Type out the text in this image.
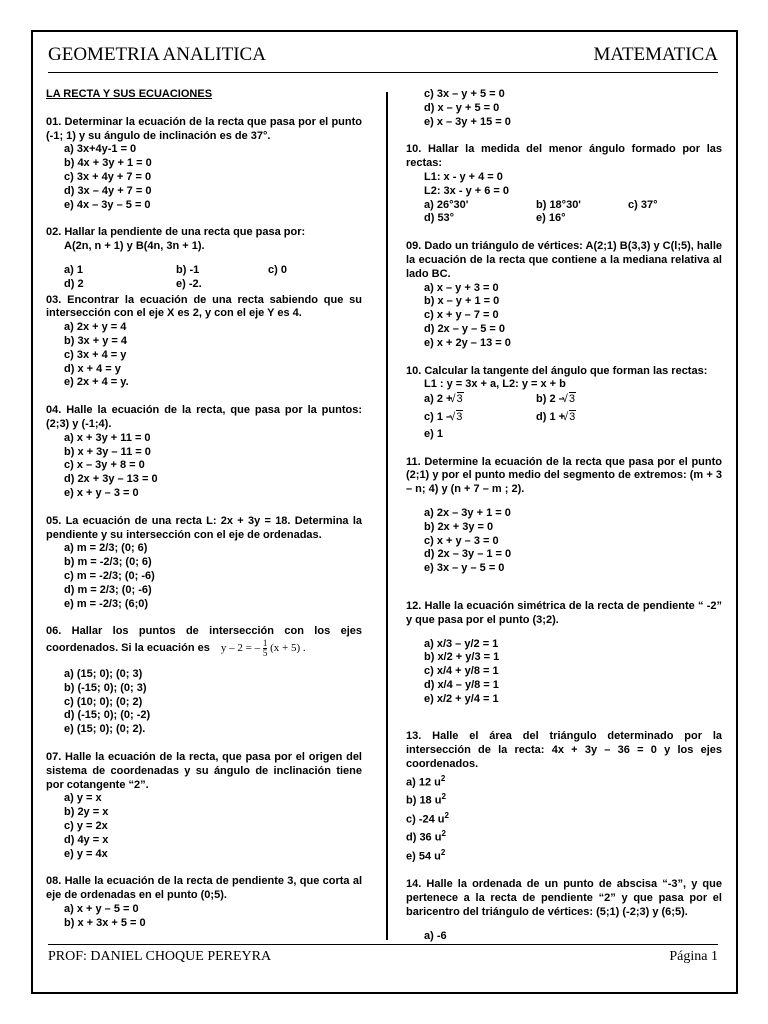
GEOMETRIA ANALITICA	MATEMATICA
LA RECTA Y SUS ECUACIONES
01. Determinar la ecuación de la recta que pasa por el punto (-1; 1) y su ángulo de inclinación es de 37°.
a) 3x+4y-1 = 0
b) 4x + 3y + 1 = 0
c) 3x + 4y + 7 = 0
d) 3x – 4y + 7 = 0
e) 4x – 3y – 5 = 0
02. Hallar la pendiente de una recta que pasa por:
A(2n, n + 1) y B(4n, 3n + 1).
a) 1	b) -1	c) 0
d) 2	e) -2.
03. Encontrar la ecuación de una recta sabiendo que su intersección con el eje X es 2, y con el eje Y es 4.
a) 2x + y = 4
b) 3x + y = 4
c) 3x + 4 = y
d) x + 4 = y
e) 2x + 4 = y.
04. Halle la ecuación de la recta, que pasa por la puntos: (2;3) y (-1;4).
a) x + 3y + 11 = 0
b) x + 3y – 11 = 0
c) x – 3y + 8 = 0
d) 2x + 3y – 13 = 0
e) x + y – 3 = 0
05. La ecuación de una recta L: 2x + 3y = 18. Determina la pendiente y su intersección con el eje de ordenadas.
a) m = 2/3; (0; 6)
b) m = -2/3; (0; 6)
c) m = -2/3; (0; -6)
d) m = 2/3; (0; -6)
e) m = -2/3; (6;0)
06. Hallar los puntos de intersección con los ejes coordenados. Si la ecuación es y – 2 = – $\frac{1}{5} (x + 5)$ .
a) (15; 0); (0; 3)
b) (-15; 0); (0; 3)
c) (10; 0); (0; 2)
d) (-15; 0); (0; -2)
e) (15; 0); (0; 2).
07. Halle la ecuación de la recta, que pasa por el origen del sistema de coordenadas y su ángulo de inclinación tiene por cotangente “2”.
a) y = x
b) 2y = x
c) y = 2x
d) 4y = x
e) y = 4x
08. Halle la ecuación de la recta de pendiente 3, que corta al eje de ordenadas en el punto (0;5).
a) x + y – 5 = 0
b) x + 3x + 5 = 0
c) 3x – y + 5 = 0
d) x – y + 5 = 0
e) x – 3y + 15 = 0
10. Hallar la medida del menor ángulo formado por las rectas:
L1: x - y + 4 = 0
L2: 3x - y + 6 = 0
a) 26°30'	b) 18°30'	c) 37°
d) 53°	e) 16°
09. Dado un triángulo de vértices: A(2;1) B(3,3) y C(l;5), halle la ecuación de la recta que contiene a la mediana relativa al lado BC.
a) x – y + 3 = 0
b) x – y + 1 = 0
c) x + y – 7 = 0
d) 2x – y – 5 = 0
e) x + 2y – 13 = 0
10. Calcular la tangente del ángulo que forman las rectas:
L1 : y = 3x + a, L2: y = x + b
a) 2 + √ 3	b) 2 – √ 3
c) 1 – √ 3	d) 1 + √ 3
e) 1
11. Determine la ecuación de la recta que pasa por el punto (2;1) y por el punto medio del segmento de extremos: (m + 3 – n; 4) y (n + 7 – m ; 2).
a) 2x – 3y + 1 = 0
b) 2x + 3y = 0
c) x + y – 3 = 0
d) 2x – 3y – 1 = 0
e) 3x – y – 5 = 0
12. Halle la ecuación simétrica de la recta de pendiente “ -2” y que pasa por el punto (3;2).
a) x/3 – y/2 = 1
b) x/2 + y/3 = 1
c) x/4 + y/8 = 1
d) x/4 – y/8 = 1
e) x/2 + y/4 = 1
13. Halle el área del triángulo determinado por la intersección de la recta: 4x + 3y – 36 = 0 y los ejes coordenados.
a) 12 $u^2$
b) 18 $u^2$
c) -24 $u^2$
d) 36 $u^2$
e) 54 $u^2$
14. Halle la ordenada de un punto de abscisa “-3”, y que pertenece a la recta de pendiente “2” y que pasa por el baricentro del triángulo de vértices: (5;1) (-2;3) y (6;5).
a) -6
PROF: DANIEL CHOQUE PEREYRA	Página 1
